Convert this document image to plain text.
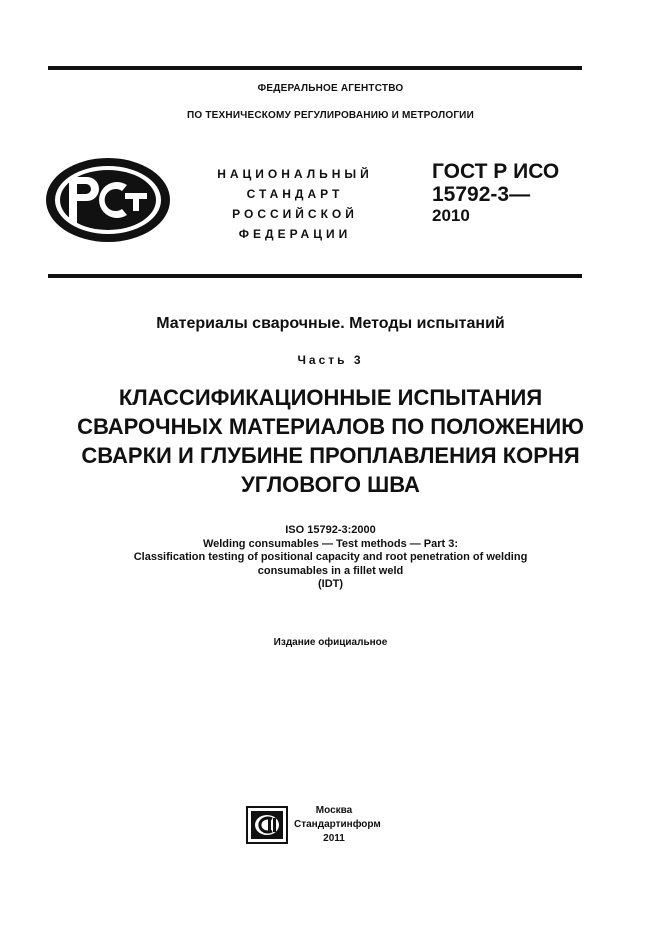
ФЕДЕРАЛЬНОЕ АГЕНТСТВО
ПО ТЕХНИЧЕСКОМУ РЕГУЛИРОВАНИЮ И МЕТРОЛОГИИ
НАЦИОНАЛЬНЫЙ
СТАНДАРТ
РОССИЙСКОЙ
ФЕДЕРАЦИИ
ГОСТ Р ИСО
15792-3—
2010
Материалы сварочные. Методы испытаний
Часть 3
КЛАССИФИКАЦИОННЫЕ ИСПЫТАНИЯ
СВАРОЧНЫХ МАТЕРИАЛОВ ПО ПОЛОЖЕНИЮ
СВАРКИ И ГЛУБИНЕ ПРОПЛАВЛЕНИЯ КОРНЯ
УГЛОВОГО ШВА
ISO 15792-3:2000
Welding consumables — Test methods — Part 3:
Classification testing of positional capacity and root penetration of welding
consumables in a fillet weld
(IDT)
Издание официальное
Москва
Стандартинформ
2011
